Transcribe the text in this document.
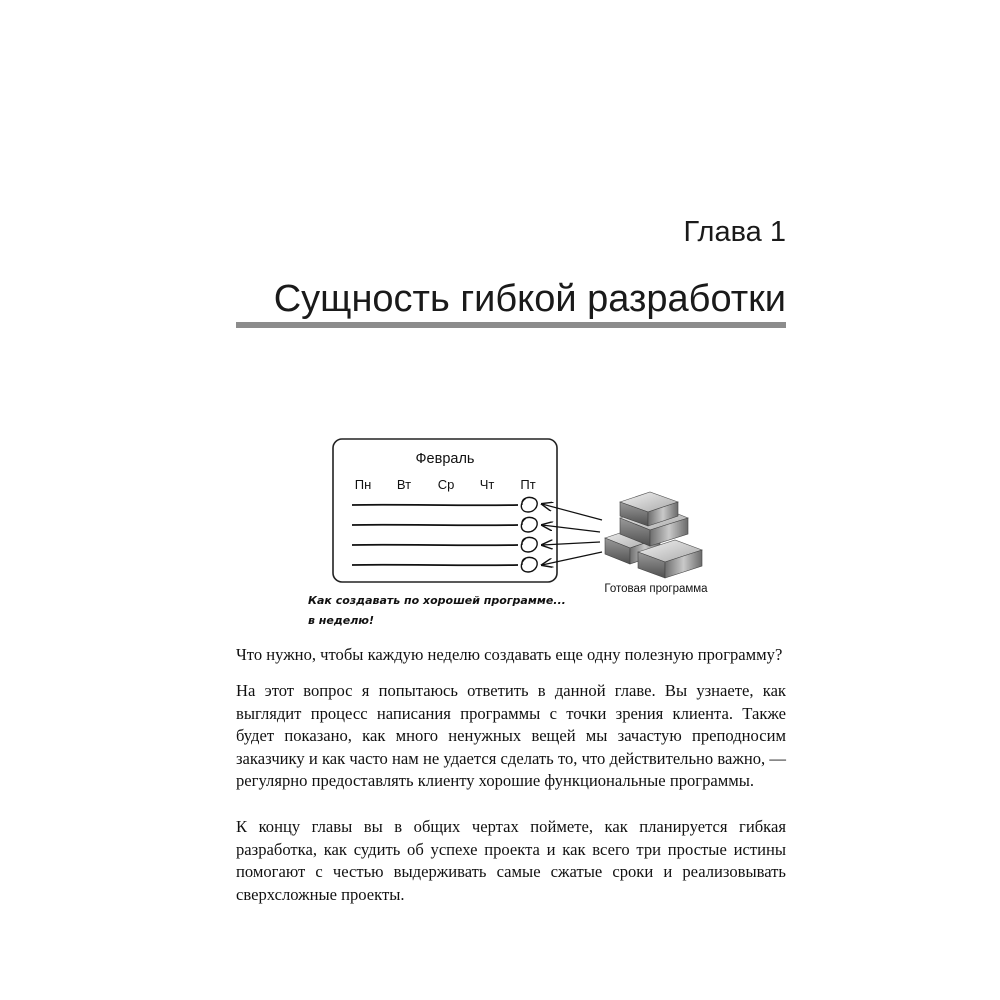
Глава 1
Сущность гибкой разработки
Февраль
Пн Вт Ср Чт Пт
Готовая программа
Как создавать по хорошей программе...
в неделю!

Что нужно, чтобы каждую неделю создавать еще одну полезную программу?

На этот вопрос я попытаюсь ответить в данной главе. Вы узнаете, как выглядит процесс написания программы с точки зрения клиента. Также будет показано, как много ненужных вещей мы зачастую преподносим заказчику и как часто нам не удается сделать то, что действительно важно, — регулярно предоставлять клиенту хорошие функциональные программы.

К концу главы вы в общих чертах поймете, как планируется гибкая разработка, как судить об успехе проекта и как всего три простые истины помогают с честью выдерживать самые сжатые сроки и реализовывать сверхсложные проекты.
